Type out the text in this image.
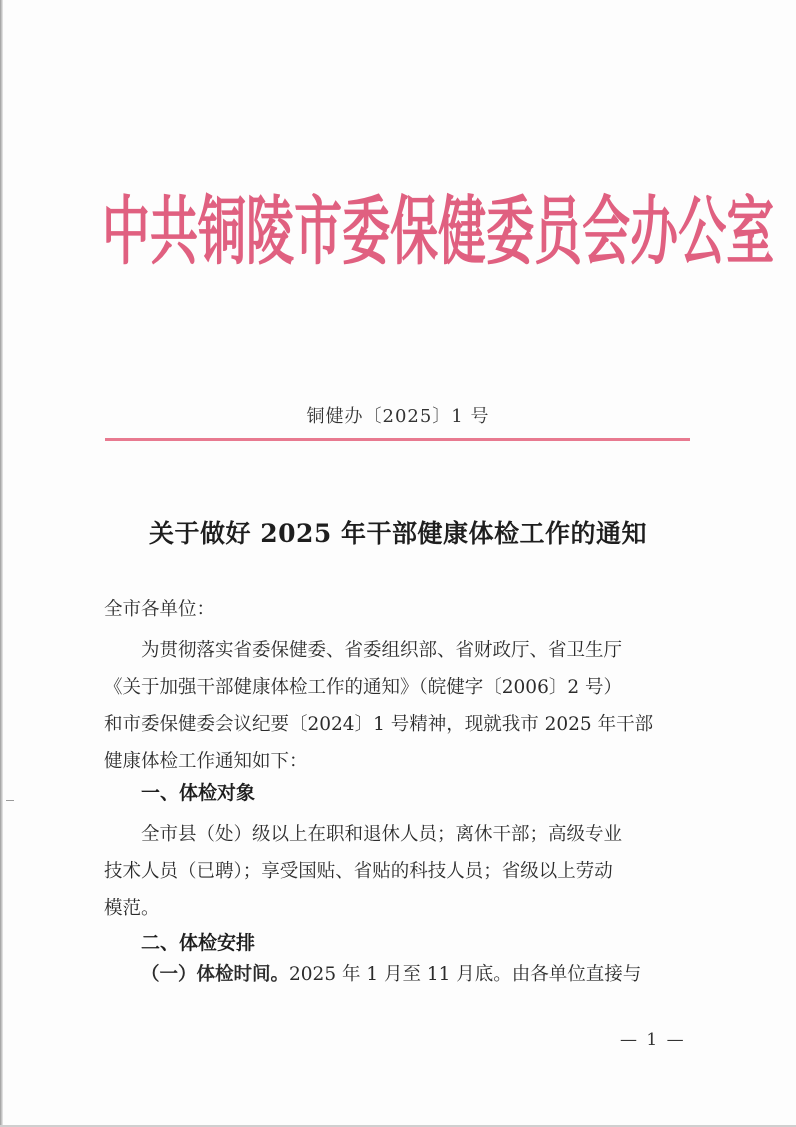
中 共 铜 陵 市 委 保 健 委 员 会 办 公 室
铜健办〔2025〕1 号
关于做好 2025 年干部健康体检工作的通知
全市各单位：
为贯彻落实省委保健委、省委组织部、省财政厅、省卫生厅
《关于加强干部健康体检工作的通知》（皖健字〔2006〕2 号）
和市委保健委会议纪要〔2024〕1 号精神，现就我市 2025 年干部
健康体检工作通知如下：
一、体检对象
全市县（处）级以上在职和退休人员；离休干部；高级专业
技术人员（已聘）；享受国贴、省贴的科技人员；省级以上劳动
模范。
二、体检安排
（一）体检时间。2025 年 1 月至 11 月底。由各单位直接与
— 1 —
